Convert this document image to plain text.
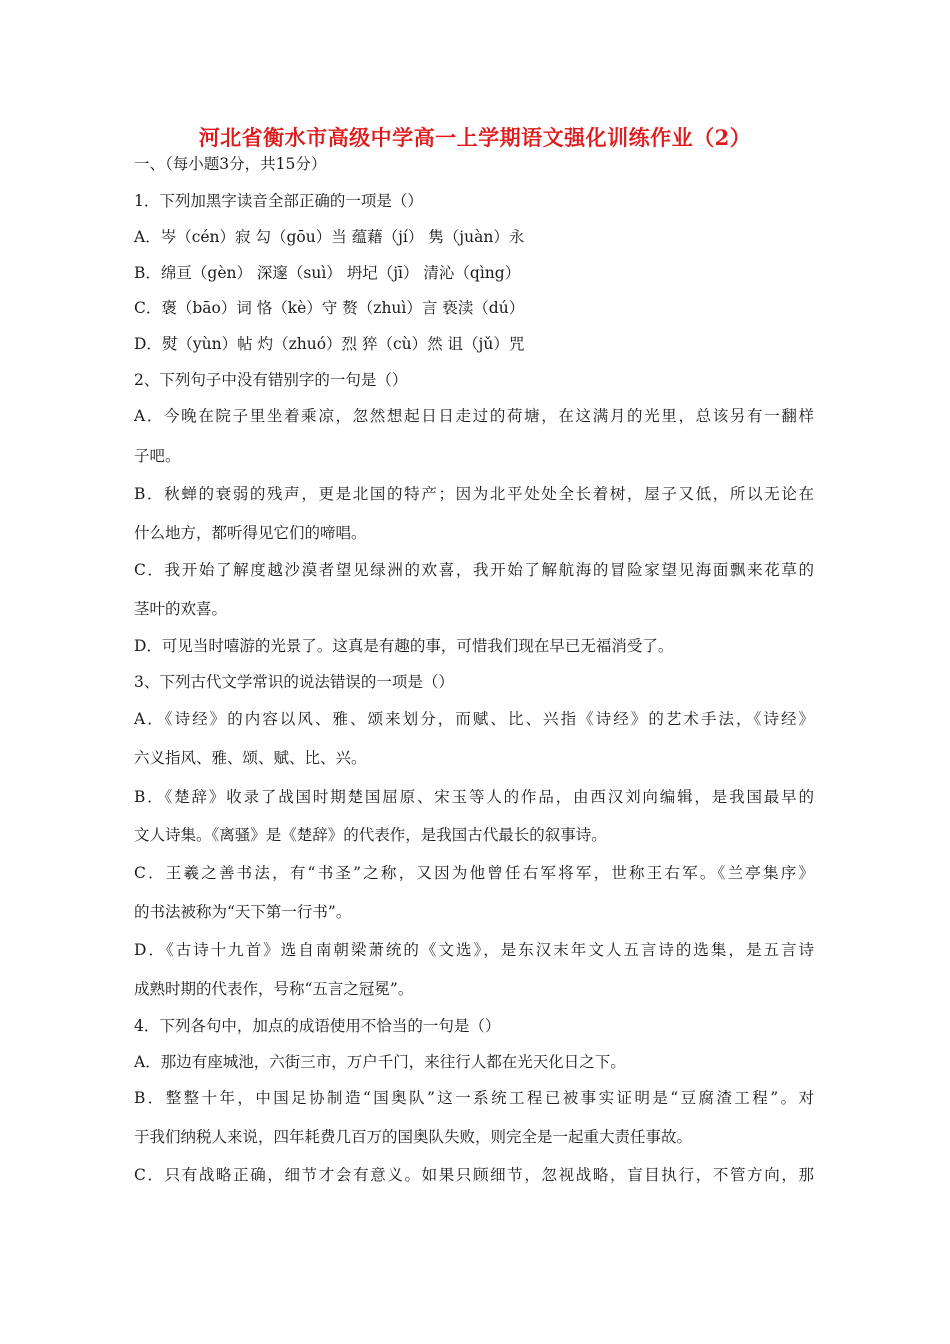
河北省衡水市高级中学高一上学期语文强化训练作业（2）
一、（每小题3分，共15分）
1．下列加黑字读音全部正确的一项是（）
A．岑（cén）寂 勾（gōu）当 蕴藉（jí） 隽（juàn）永
B．绵亘（gèn） 深邃（suì） 坍圮（jī） 清沁（qìng）
C．褒（bāo）词 恪（kè）守 赘（zhuì）言 亵渎（dú）
D．熨（yùn）帖 灼（zhuó）烈 猝（cù）然 诅（jǔ）咒
2、下列句子中没有错别字的一句是（）
A．今晚在院子里坐着乘凉，忽然想起日日走过的荷塘，在这满月的光里，总该另有一翻样
子吧。
B．秋蝉的衰弱的残声，更是北国的特产；因为北平处处全长着树，屋子又低，所以无论在
什么地方，都听得见它们的啼唱。
C．我开始了解度越沙漠者望见绿洲的欢喜，我开始了解航海的冒险家望见海面飘来花草的
茎叶的欢喜。
D．可见当时嘻游的光景了。这真是有趣的事，可惜我们现在早已无福消受了。
3、下列古代文学常识的说法错误的一项是（）
A．《诗经》的内容以风、雅、颂来划分，而赋、比、兴指《诗经》的艺术手法，《诗经》
六义指风、雅、颂、赋、比、兴。
B．《楚辞》收录了战国时期楚国屈原、宋玉等人的作品，由西汉刘向编辑，是我国最早的
文人诗集。《离骚》是《楚辞》的代表作，是我国古代最长的叙事诗。
C．王羲之善书法，有“书圣”之称，又因为他曾任右军将军，世称王右军。《兰亭集序》
的书法被称为“天下第一行书”。
D．《古诗十九首》选自南朝梁萧统的《文选》，是东汉末年文人五言诗的选集，是五言诗
成熟时期的代表作，号称“五言之冠冕”。
4．下列各句中，加点的成语使用不恰当的一句是（）
A．那边有座城池，六街三市，万户千门，来往行人都在光天化日之下。
B．整整十年，中国足协制造“国奥队”这一系统工程已被事实证明是“豆腐渣工程”。对
于我们纳税人来说，四年耗费几百万的国奥队失败，则完全是一起重大责任事故。
C．只有战略正确，细节才会有意义。如果只顾细节，忽视战略，盲目执行，不管方向，那
